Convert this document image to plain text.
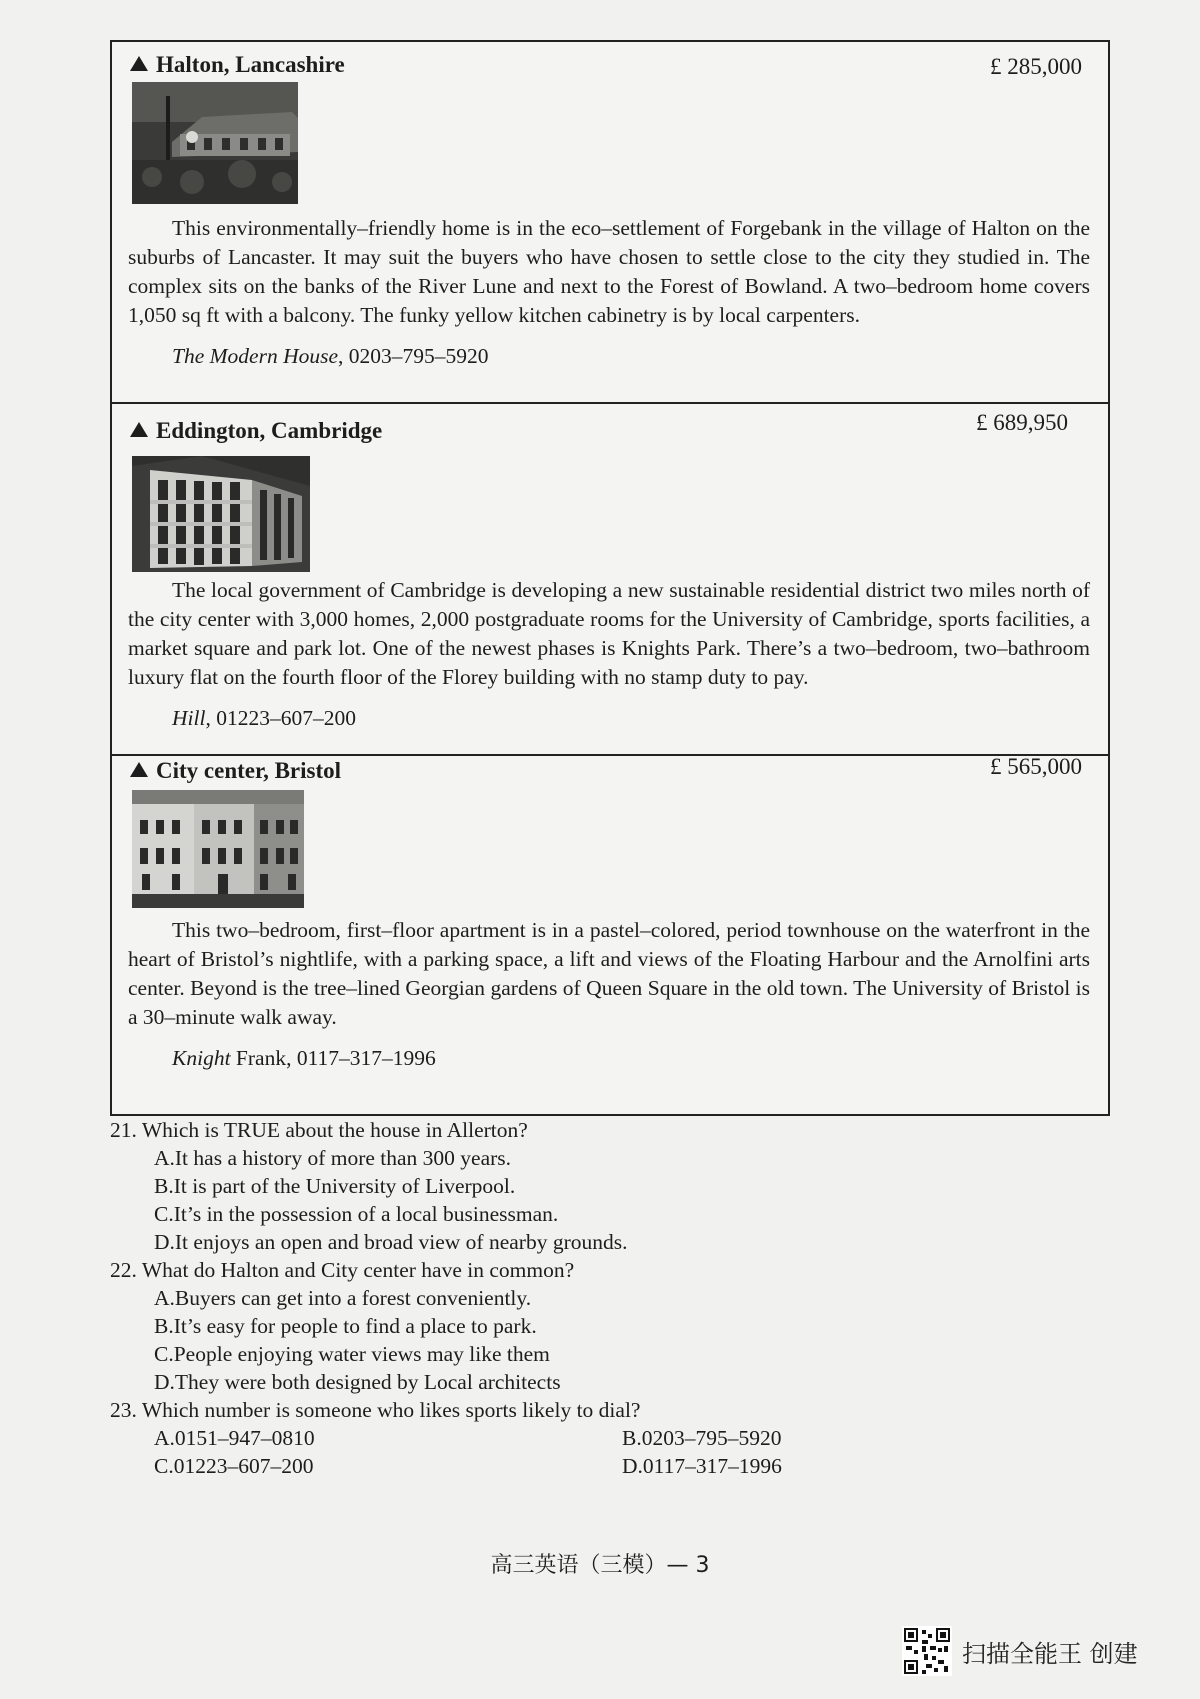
Halton, Lancashire	£ 285,000
This environmentally–friendly home is in the eco–settlement of Forgebank in the village of Halton on the suburbs of Lancaster. It may suit the buyers who have chosen to settle close to the city they studied in. The complex sits on the banks of the River Lune and next to the Forest of Bowland. A two–bedroom home covers 1,050 sq ft with a balcony. The funky yellow kitchen cabinetry is by local carpenters.
The Modern House, 0203–795–5920
Eddington, Cambridge	£ 689,950
The local government of Cambridge is developing a new sustainable residential district two miles north of the city center with 3,000 homes, 2,000 postgraduate rooms for the University of Cambridge, sports facilities, a market square and park lot. One of the newest phases is Knights Park. There’s a two–bedroom, two–bathroom luxury flat on the fourth floor of the Florey building with no stamp duty to pay.
Hill, 01223–607–200
City center, Bristol	£ 565,000
This two–bedroom, first–floor apartment is in a pastel–colored, period townhouse on the waterfront in the heart of Bristol’s nightlife, with a parking space, a lift and views of the Floating Harbour and the Arnolfini arts center. Beyond is the tree–lined Georgian gardens of Queen Square in the old town. The University of Bristol is a 30–minute walk away.
Knight Frank, 0117–317–1996
21. Which is TRUE about the house in Allerton?
A.It has a history of more than 300 years.
B.It is part of the University of Liverpool.
C.It’s in the possession of a local businessman.
D.It enjoys an open and broad view of nearby grounds.
22. What do Halton and City center have in common?
A.Buyers can get into a forest conveniently.
B.It’s easy for people to find a place to park.
C.People enjoying water views may like them
D.They were both designed by Local architects
23. Which number is someone who likes sports likely to dial?
A.0151–947–0810	B.0203–795–5920
C.01223–607–200	D.0117–317–1996
高三英语（三模）— 3
扫描全能王 创建
